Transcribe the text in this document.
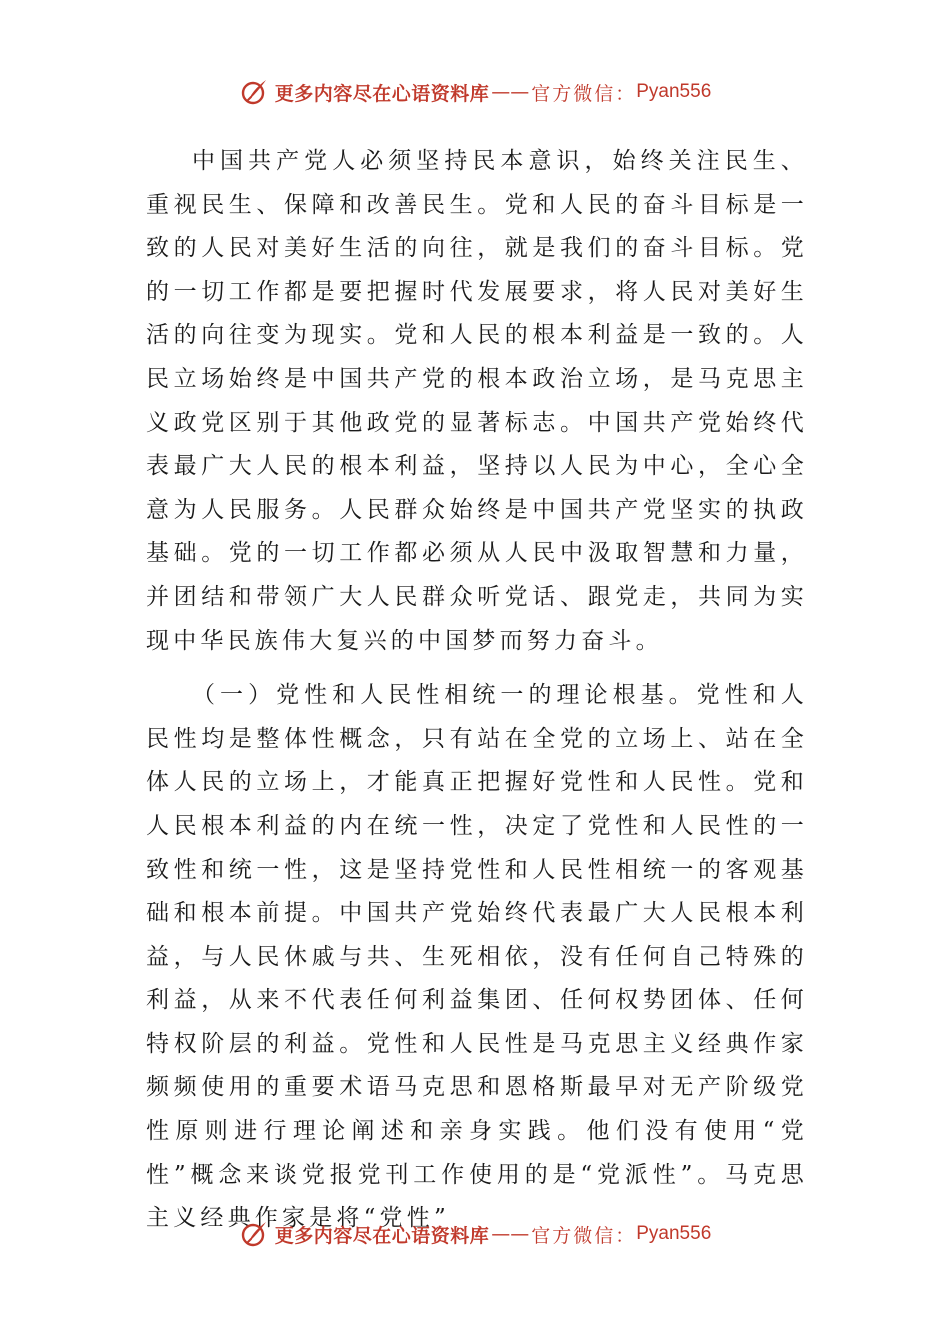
更多内容尽在心语资料库 —— 官方微信： Pyan556

中国共产党人必须坚持民本意识，始终关注民生、重视民生、保障和改善民生。党和人民的奋斗目标是一致的人民对美好生活的向往，就是我们的奋斗目标。党的一切工作都是要把握时代发展要求，将人民对美好生活的向往变为现实。党和人民的根本利益是一致的。人民立场始终是中国共产党的根本政治立场，是马克思主义政党区别于其他政党的显著标志。中国共产党始终代表最广大人民的根本利益，坚持以人民为中心，全心全意为人民服务。人民群众始终是中国共产党坚实的执政基础。党的一切工作都必须从人民中汲取智慧和力量，并团结和带领广大人民群众听党话、跟党走，共同为实现中华民族伟大复兴的中国梦而努力奋斗。

（一）党性和人民性相统一的理论根基。党性和人民性均是整体性概念，只有站在全党的立场上、站在全体人民的立场上，才能真正把握好党性和人民性。党和人民根本利益的内在统一性，决定了党性和人民性的一致性和统一性，这是坚持党性和人民性相统一的客观基础和根本前提。中国共产党始终代表最广大人民根本利益，与人民休戚与共、生死相依，没有任何自己特殊的利益，从来不代表任何利益集团、任何权势团体、任何特权阶层的利益。党性和人民性是马克思主义经典作家频频使用的重要术语马克思和恩格斯最早对无产阶级党性原则进行理论阐述和亲身实践。他们没有使用“党性”概念来谈党报党刊工作使用的是“党派性”。马克思主义经典作家是将“党性”

更多内容尽在心语资料库 —— 官方微信： Pyan556
